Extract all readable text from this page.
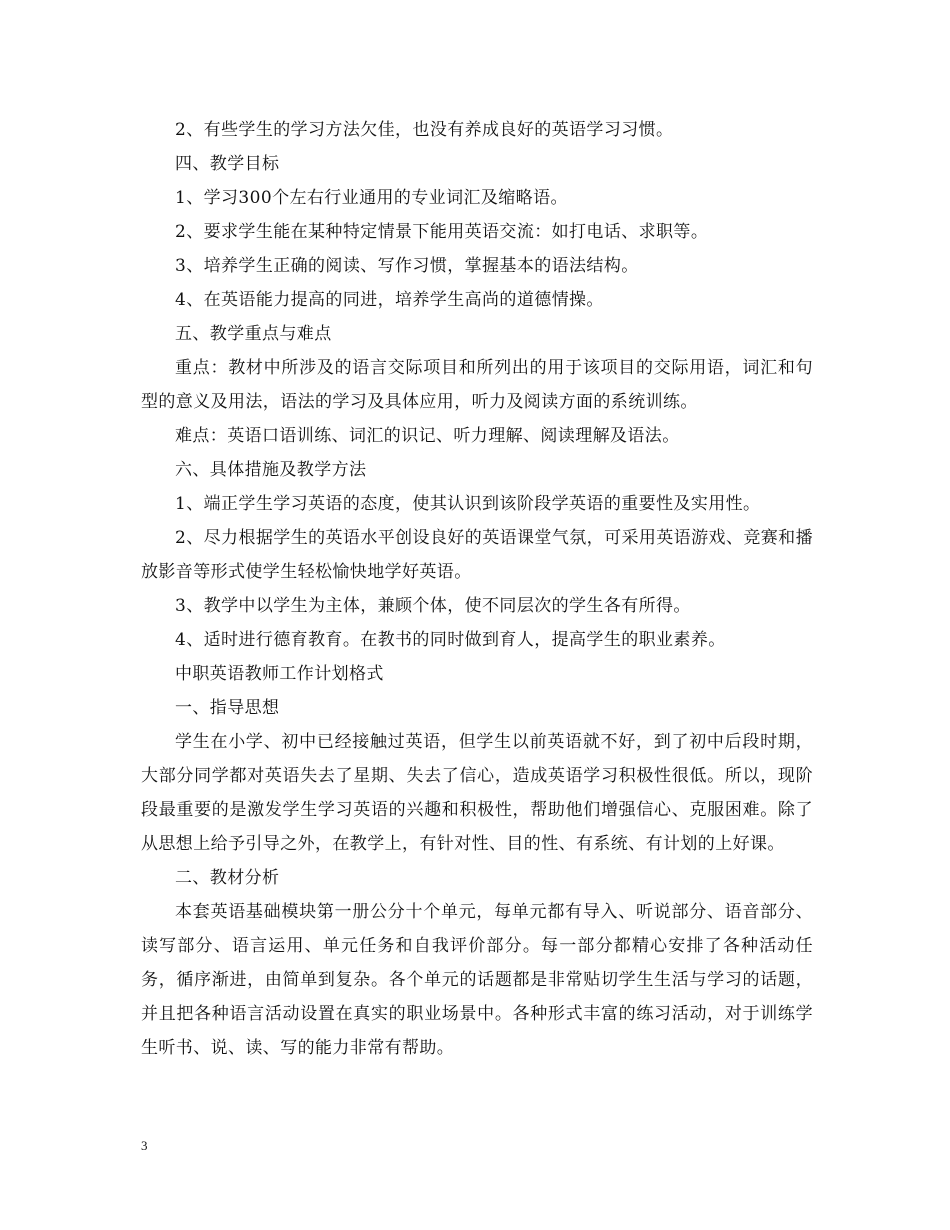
2、有些学生的学习方法欠佳，也没有养成良好的英语学习习惯。

四、教学目标

1、学习300个左右行业通用的专业词汇及缩略语。

2、要求学生能在某种特定情景下能用英语交流：如打电话、求职等。

3、培养学生正确的阅读、写作习惯，掌握基本的语法结构。

4、在英语能力提高的同进，培养学生高尚的道德情操。

五、教学重点与难点

重点：教材中所涉及的语言交际项目和所列出的用于该项目的交际用语，词汇和句型的意义及用法，语法的学习及具体应用，听力及阅读方面的系统训练。

难点：英语口语训练、词汇的识记、听力理解、阅读理解及语法。

六、具体措施及教学方法

1、端正学生学习英语的态度，使其认识到该阶段学英语的重要性及实用性。

2、尽力根据学生的英语水平创设良好的英语课堂气氛，可采用英语游戏、竞赛和播放影音等形式使学生轻松愉快地学好英语。

3、教学中以学生为主体，兼顾个体，使不同层次的学生各有所得。

4、适时进行德育教育。在教书的同时做到育人，提高学生的职业素养。

中职英语教师工作计划格式

一、指导思想

学生在小学、初中已经接触过英语，但学生以前英语就不好，到了初中后段时期，大部分同学都对英语失去了星期、失去了信心，造成英语学习积极性很低。所以，现阶段最重要的是激发学生学习英语的兴趣和积极性，帮助他们增强信心、克服困难。除了从思想上给予引导之外，在教学上，有针对性、目的性、有系统、有计划的上好课。

二、教材分析

本套英语基础模块第一册公分十个单元，每单元都有导入、听说部分、语音部分、读写部分、语言运用、单元任务和自我评价部分。每一部分都精心安排了各种活动任务，循序渐进，由简单到复杂。各个单元的话题都是非常贴切学生生活与学习的话题，并且把各种语言活动设置在真实的职业场景中。各种形式丰富的练习活动，对于训练学生听书、说、读、写的能力非常有帮助。

3
